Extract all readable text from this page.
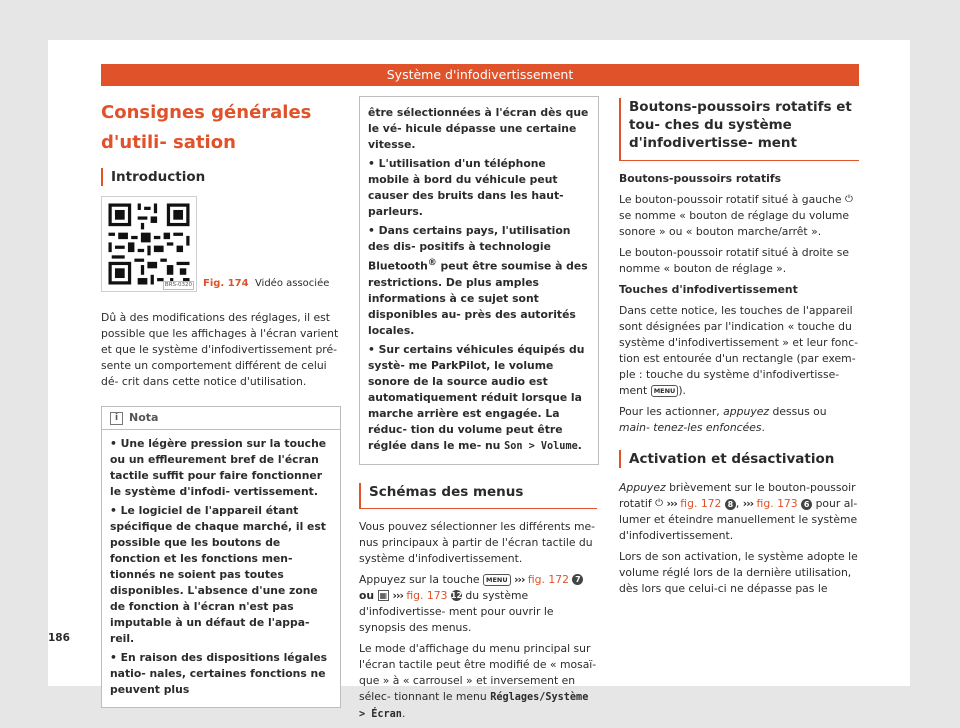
Système d'infodivertissement
Consignes générales d'utili- sation
Introduction
BRS-0320 Fig. 174 Vidéo associée

Dû à des modifications des réglages, il est possible que les affichages à l'écran varient et que le système d'infodivertissement pré- sente un comportement différent de celui dé- crit dans cette notice d'utilisation.

i Nota

• Une légère pression sur la touche ou un effleurement bref de l'écran tactile suffit pour faire fonctionner le système d'infodi- vertissement.

• Le logiciel de l'appareil étant spécifique de chaque marché, il est possible que les boutons de fonction et les fonctions men- tionnés ne soient pas toutes disponibles. L'absence d'une zone de fonction à l'écran n'est pas imputable à un défaut de l'appa- reil.

• En raison des dispositions légales natio- nales, certaines fonctions ne peuvent plus

être sélectionnées à l'écran dès que le vé- hicule dépasse une certaine vitesse.

• L'utilisation d'un téléphone mobile à bord du véhicule peut causer des bruits dans les haut-parleurs.

• Dans certains pays, l'utilisation des dis- positifs à technologie Bluetooth® peut être soumise à des restrictions. De plus amples informations à ce sujet sont disponibles au- près des autorités locales.

• Sur certains véhicules équipés du systè- me ParkPilot, le volume sonore de la source audio est automatiquement réduit lorsque la marche arrière est engagée. La réduc- tion du volume peut être réglée dans le me- nu Son > Volume.

Schémas des menus

Vous pouvez sélectionner les différents me- nus principaux à partir de l'écran tactile du système d'infodivertissement.

Appuyez sur la touche MENU ››› fig. 172 7 ou ▦ ››› fig. 173 12 du système d'infodivertisse- ment pour ouvrir le synopsis des menus.

Le mode d'affichage du menu principal sur l'écran tactile peut être modifié de « mosaï- que » à « carrousel » et inversement en sélec- tionnant le menu Réglages/Système > Écran.

Boutons-poussoirs rotatifs et tou- ches du système d'infodivertisse- ment

Boutons-poussoirs rotatifs

Le bouton-poussoir rotatif situé à gauche ⏻ se nomme « bouton de réglage du volume sonore » ou « bouton marche/arrêt ».

Le bouton-poussoir rotatif situé à droite se nomme « bouton de réglage ».

Touches d'infodivertissement

Dans cette notice, les touches de l'appareil sont désignées par l'indication « touche du système d'infodivertissement » et leur fonc- tion est entourée d'un rectangle (par exem- ple : touche du système d'infodivertisse- ment MENU ).

Pour les actionner, appuyez dessus ou main- tenez-les enfoncées.

Activation et désactivation

Appuyez brièvement sur le bouton-poussoir rotatif ⏻ ››› fig. 172 8 , ››› fig. 173 6 pour al- lumer et éteindre manuellement le système d'infodivertissement.

Lors de son activation, le système adopte le volume réglé lors de la dernière utilisation, dès lors que celui-ci ne dépasse pas le

186
